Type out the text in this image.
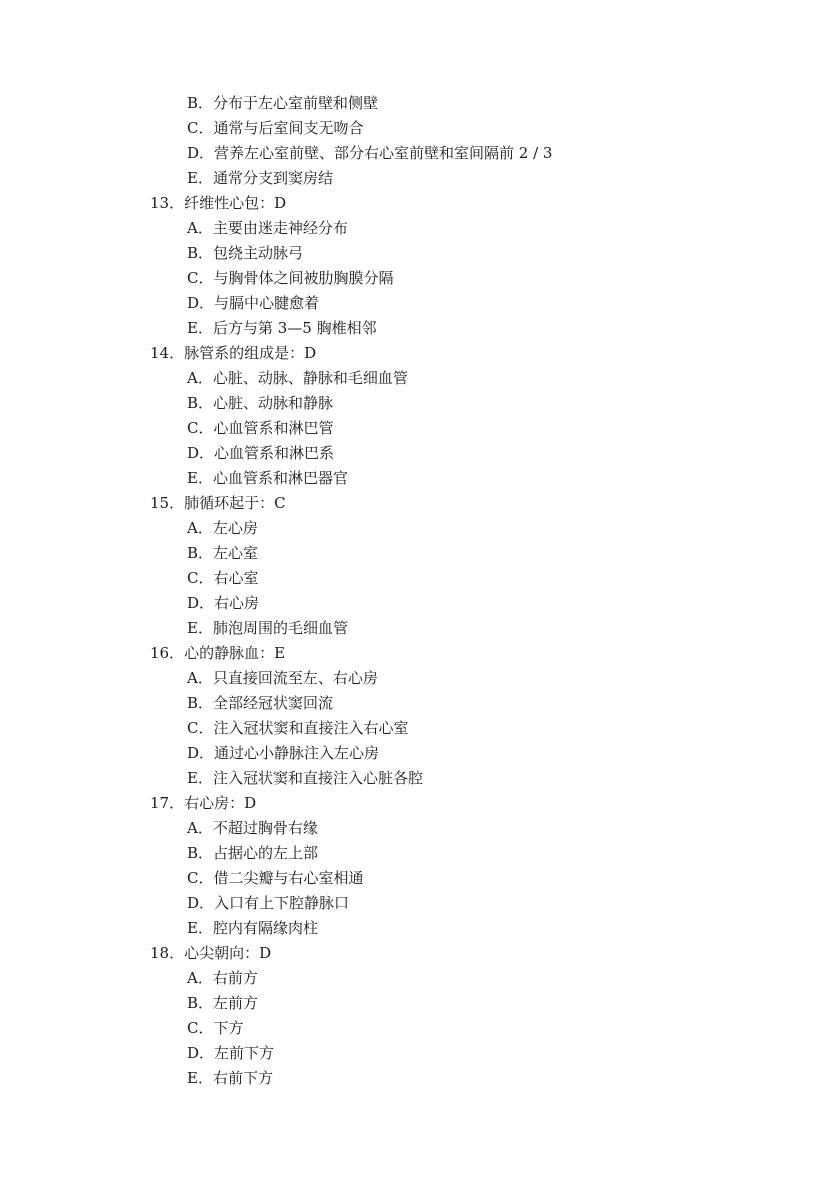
B．分布于左心室前壁和侧壁
C．通常与后室间支无吻合
D．营养左心室前壁、部分右心室前壁和室间隔前 2 / 3
E．通常分支到窦房结
13．纤维性心包：D
A．主要由迷走神经分布
B．包绕主动脉弓
C．与胸骨体之间被肋胸膜分隔
D．与膈中心腱愈着
E．后方与第 3—5 胸椎相邻
14．脉管系的组成是：D
A．心脏、动脉、静脉和毛细血管
B．心脏、动脉和静脉
C．心血管系和淋巴管
D．心血管系和淋巴系
E．心血管系和淋巴器官
15．肺循环起于：C
A．左心房
B．左心室
C．右心室
D．右心房
E．肺泡周围的毛细血管
16．心的静脉血：E
A．只直接回流至左、右心房
B．全部经冠状窦回流
C．注入冠状窦和直接注入右心室
D．通过心小静脉注入左心房
E．注入冠状窦和直接注入心脏各腔
17．右心房：D
A．不超过胸骨右缘
B．占据心的左上部
C．借二尖瓣与右心室相通
D．入口有上下腔静脉口
E．腔内有隔缘肉柱
18．心尖朝向：D
A．右前方
B．左前方
C．下方
D．左前下方
E．右前下方
